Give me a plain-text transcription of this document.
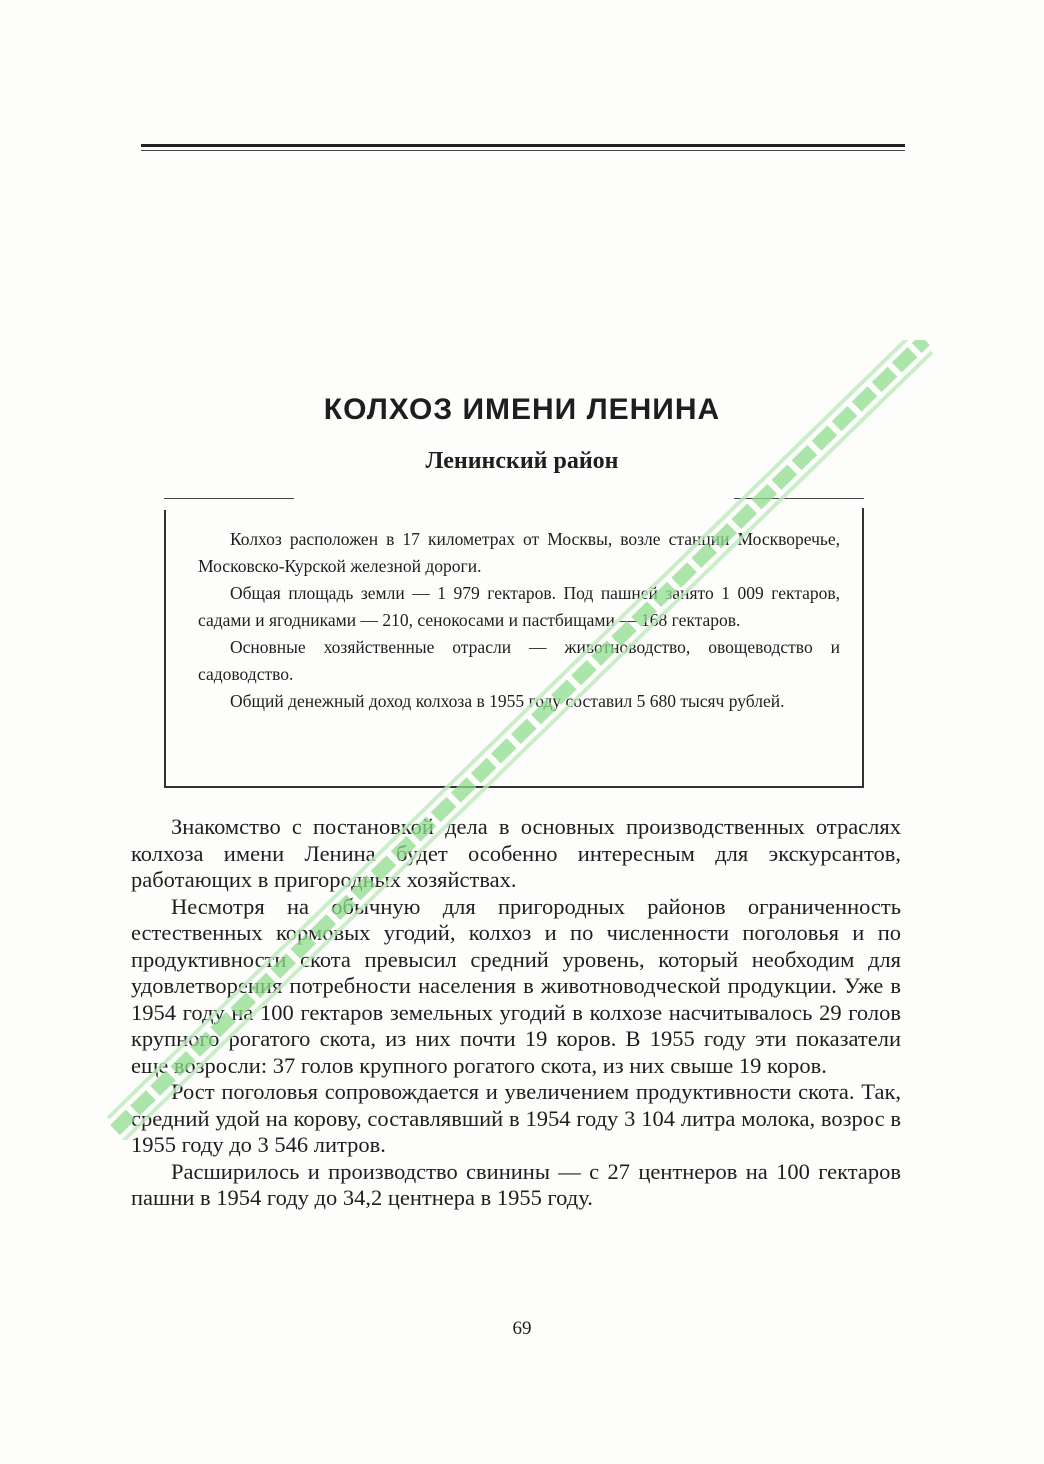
КОЛХОЗ ИМЕНИ ЛЕНИНА
Ленинский район

Колхоз расположен в 17 километрах от Москвы, возле станции Москворечье, Московско-Курской железной дороги.

Общая площадь земли — 1 979 гектаров. Под пашней занято 1 009 гектаров, садами и ягодниками — 210, сенокосами и пастбищами — 168 гектаров.

Основные хозяйственные отрасли — животноводство, овощеводство и садоводство.

Общий денежный доход колхоза в 1955 году составил 5 680 тысяч рублей.

Знакомство с постановкой дела в основных производственных отраслях колхоза имени Ленина будет особенно интересным для экскурсантов, работающих в пригородных хозяйствах.

Несмотря на обычную для пригородных районов ограниченность естественных кормовых угодий, колхоз и по численности поголовья и по продуктивности скота превысил средний уровень, который необходим для удовлетворения потребности населения в животноводческой продукции. Уже в 1954 году на 100 гектаров земельных угодий в колхозе насчитывалось 29 голов крупного рогатого скота, из них почти 19 коров. В 1955 году эти показатели еще возросли: 37 голов крупного рогатого скота, из них свыше 19 коров.

Рост поголовья сопровождается и увеличением продуктивности скота. Так, средний удой на корову, составлявший в 1954 году 3 104 литра молока, возрос в 1955 году до 3 546 литров.

Расширилось и производство свинины — с 27 центнеров на 100 гектаров пашни в 1954 году до 34,2 центнера в 1955 году.

69
